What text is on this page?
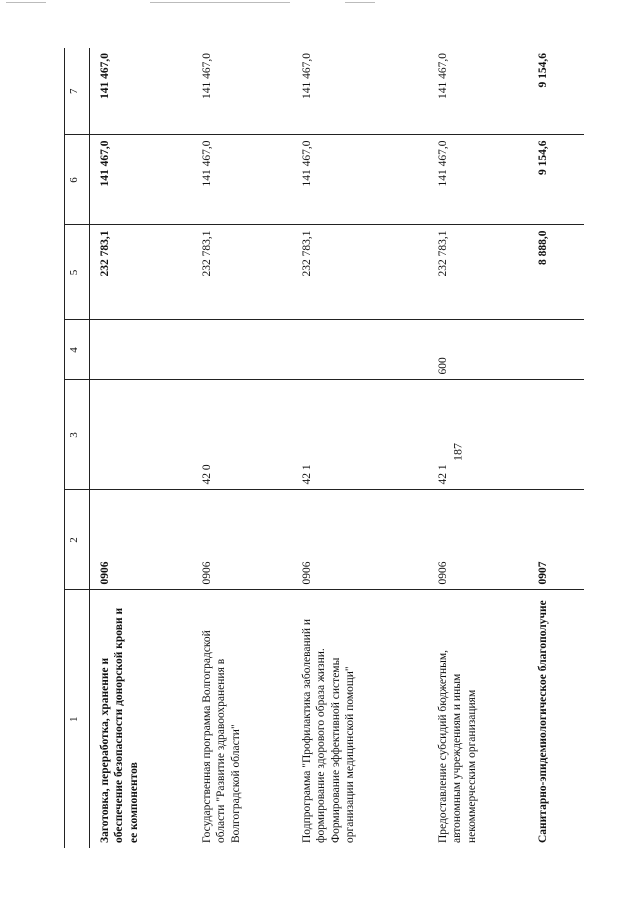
187
1	2	3	4	5	6	7
Заготовка, переработка, хранение и обеспечение безопасности донорской крови и ее компонентов	0906			232 783,1	141 467,0	141 467,0
Государственная программа Волгоградской области "Развитие здравоохранения в Волгоградской области"	0906	42 0		232 783,1	141 467,0	141 467,0
Подпрограмма "Профилактика заболеваний и формирование здорового образа жизни. Формирование эффективной системы организации медицинской помощи"	0906	42 1		232 783,1	141 467,0	141 467,0
Предоставление субсидий бюджетным, автономным учреждениям и иным некоммерческим организациям	0906	42 1	600	232 783,1	141 467,0	141 467,0
Санитарно-эпидемиологическое благополучие	0907			8 888,0	9 154,6	9 154,6
